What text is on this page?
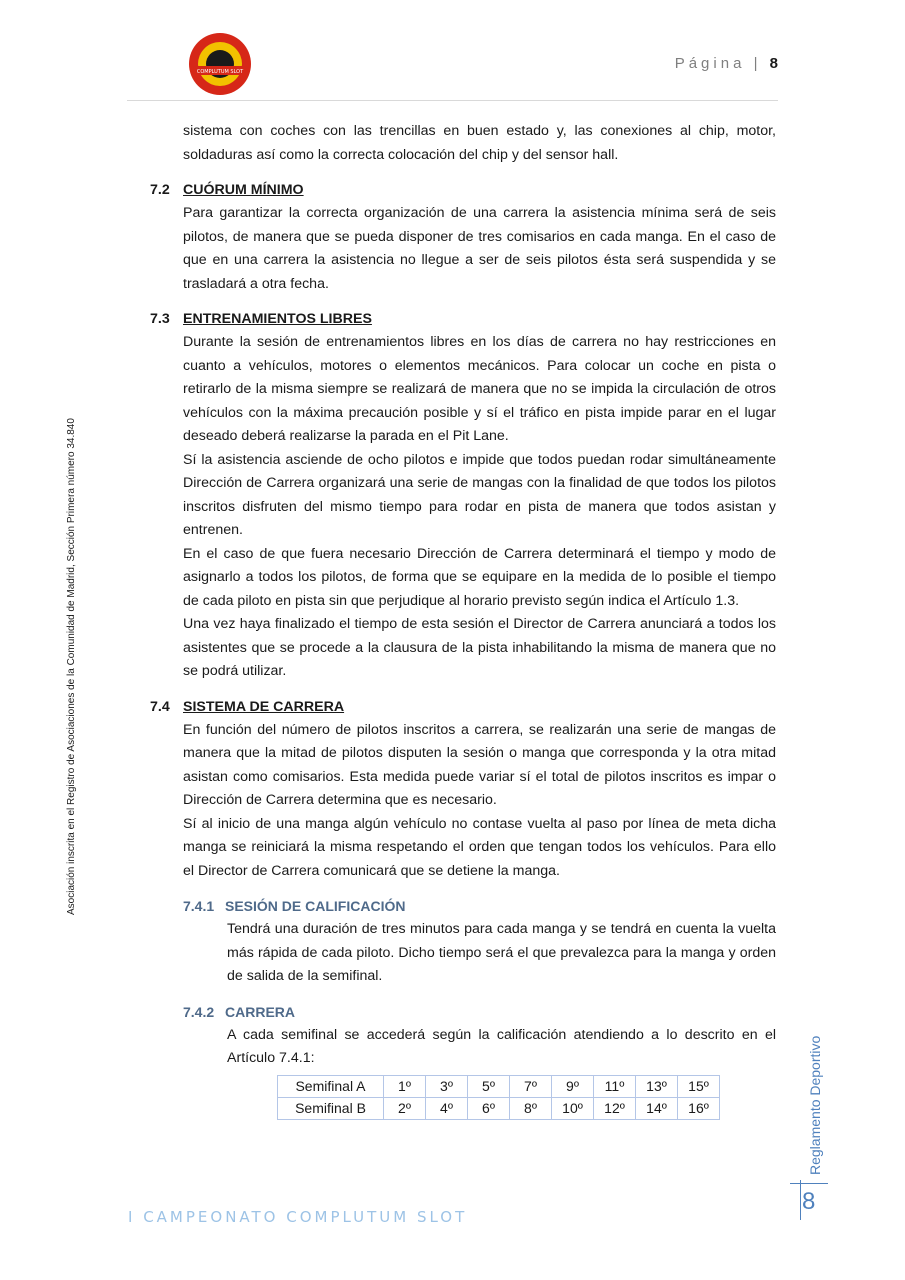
COMPLUTUM SLOT	Página | 8
Asociación inscrita en el Registro de Asociaciones de la Comunidad de Madrid, Sección Primera número 34.840

sistema con coches con las trencillas en buen estado y, las conexiones al chip, motor, soldaduras así como la correcta colocación del chip y del sensor hall.

7.2 CUÓRUM MÍNIMO

Para garantizar la correcta organización de una carrera la asistencia mínima será de seis pilotos, de manera que se pueda disponer de tres comisarios en cada manga. En el caso de que en una carrera la asistencia no llegue a ser de seis pilotos ésta será suspendida y se trasladará a otra fecha.

7.3 ENTRENAMIENTOS LIBRES

Durante la sesión de entrenamientos libres en los días de carrera no hay restricciones en cuanto a vehículos, motores o elementos mecánicos. Para colocar un coche en pista o retirarlo de la misma siempre se realizará de manera que no se impida la circulación de otros vehículos con la máxima precaución posible y sí el tráfico en pista impide parar en el lugar deseado deberá realizarse la parada en el Pit Lane.

Sí la asistencia asciende de ocho pilotos e impide que todos puedan rodar simultáneamente Dirección de Carrera organizará una serie de mangas con la finalidad de que todos los pilotos inscritos disfruten del mismo tiempo para rodar en pista de manera que todos asistan y entrenen.

En el caso de que fuera necesario Dirección de Carrera determinará el tiempo y modo de asignarlo a todos los pilotos, de forma que se equipare en la medida de lo posible el tiempo de cada piloto en pista sin que perjudique al horario previsto según indica el Artículo 1.3.

Una vez haya finalizado el tiempo de esta sesión el Director de Carrera anunciará a todos los asistentes que se procede a la clausura de la pista inhabilitando la misma de manera que no se podrá utilizar.

7.4 SISTEMA DE CARRERA

En función del número de pilotos inscritos a carrera, se realizarán una serie de mangas de manera que la mitad de pilotos disputen la sesión o manga que corresponda y la otra mitad asistan como comisarios. Esta medida puede variar sí el total de pilotos inscritos es impar o Dirección de Carrera determina que es necesario.

Sí al inicio de una manga algún vehículo no contase vuelta al paso por línea de meta dicha manga se reiniciará la misma respetando el orden que tengan todos los vehículos. Para ello el Director de Carrera comunicará que se detiene la manga.

7.4.1 SESIÓN DE CALIFICACIÓN

Tendrá una duración de tres minutos para cada manga y se tendrá en cuenta la vuelta más rápida de cada piloto. Dicho tiempo será el que prevalezca para la manga y orden de salida de la semifinal.

7.4.2 CARRERA

A cada semifinal se accederá según la calificación atendiendo a lo descrito en el Artículo 7.4.1:

Semifinal A	1º	3º	5º	7º	9º	11º	13º	15º
Semifinal B	2º	4º	6º	8º	10º	12º	14º	16º	Reglamento Deportivo
8
I CAMPEONATO COMPLUTUM SLOT
